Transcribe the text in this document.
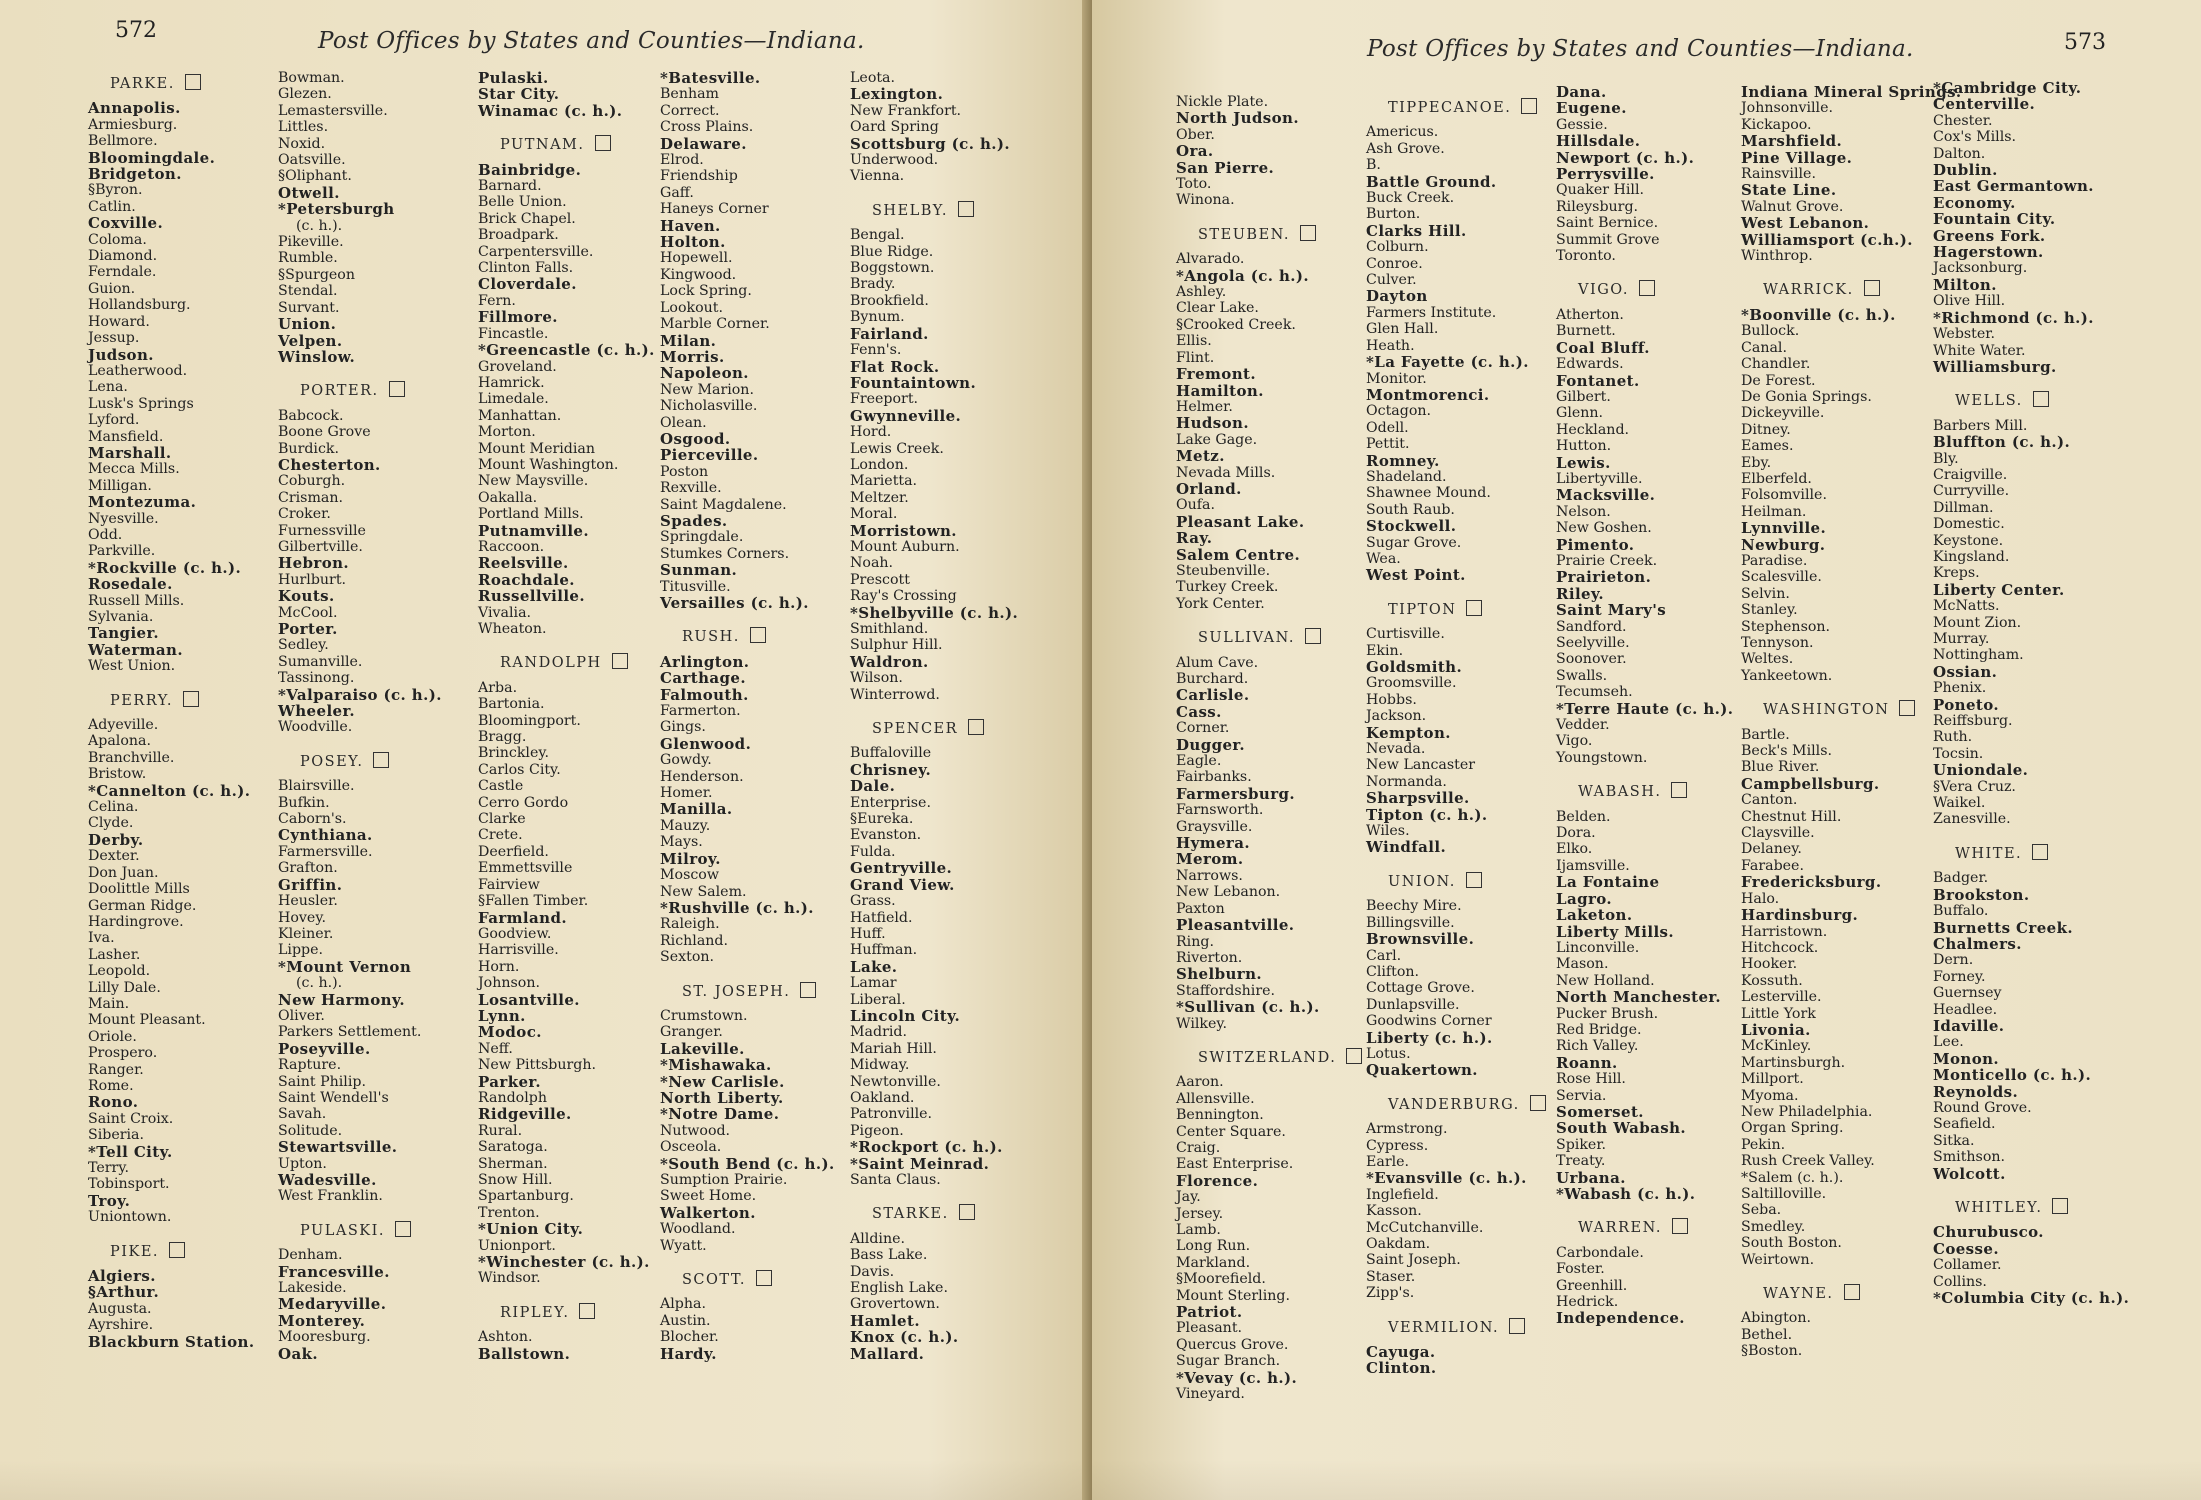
572	Post Offices by States and Counties—Indiana.
PARKE.
Annapolis.
Armiesburg.
Bellmore.
Bloomingdale.
Bridgeton.
§Byron.
Catlin.
Coxville.
Coloma.
Diamond.
Ferndale.
Guion.
Hollandsburg.
Howard.
Jessup.
Judson.
Leatherwood.
Lena.
Lusk's Springs
Lyford.
Mansfield.
Marshall.
Mecca Mills.
Milligan.
Montezuma.
Nyesville.
Odd.
Parkville.
*Rockville (c. h.).
Rosedale.
Russell Mills.
Sylvania.
Tangier.
Waterman.
West Union.
PERRY.
Adyeville.
Apalona.
Branchville.
Bristow.
*Cannelton (c. h.).
Celina.
Clyde.
Derby.
Dexter.
Don Juan.
Doolittle Mills
German Ridge.
Hardingrove.
Iva.
Lasher.
Leopold.
Lilly Dale.
Main.
Mount Pleasant.
Oriole.
Prospero.
Ranger.
Rome.
Rono.
Saint Croix.
Siberia.
*Tell City.
Terry.
Tobinsport.
Troy.
Uniontown.
PIKE.
Algiers.
§Arthur.
Augusta.
Ayrshire.
Blackburn Station.
Bowman.
Glezen.
Lemastersville.
Littles.
Noxid.
Oatsville.
§Oliphant.
Otwell.
*Petersburgh
(c. h.).
Pikeville.
Rumble.
§Spurgeon
Stendal.
Survant.
Union.
Velpen.
Winslow.
PORTER.
Babcock.
Boone Grove
Burdick.
Chesterton.
Coburgh.
Crisman.
Croker.
Furnessville
Gilbertville.
Hebron.
Hurlburt.
Kouts.
McCool.
Porter.
Sedley.
Sumanville.
Tassinong.
*Valparaiso (c. h.).
Wheeler.
Woodville.
POSEY.
Blairsville.
Bufkin.
Caborn's.
Cynthiana.
Farmersville.
Grafton.
Griffin.
Heusler.
Hovey.
Kleiner.
Lippe.
*Mount Vernon
(c. h.).
New Harmony.
Oliver.
Parkers Settlement.
Poseyville.
Rapture.
Saint Philip.
Saint Wendell's
Savah.
Solitude.
Stewartsville.
Upton.
Wadesville.
West Franklin.
PULASKI.
Denham.
Francesville.
Lakeside.
Medaryville.
Monterey.
Mooresburg.
Oak.
Pulaski.
Star City.
Winamac (c. h.).
PUTNAM.
Bainbridge.
Barnard.
Belle Union.
Brick Chapel.
Broadpark.
Carpentersville.
Clinton Falls.
Cloverdale.
Fern.
Fillmore.
Fincastle.
*Greencastle (c. h.).
Groveland.
Hamrick.
Limedale.
Manhattan.
Morton.
Mount Meridian
Mount Washington.
New Maysville.
Oakalla.
Portland Mills.
Putnamville.
Raccoon.
Reelsville.
Roachdale.
Russellville.
Vivalia.
Wheaton.
RANDOLPH
Arba.
Bartonia.
Bloomingport.
Bragg.
Brinckley.
Carlos City.
Castle
Cerro Gordo
Clarke
Crete.
Deerfield.
Emmettsville
Fairview
§Fallen Timber.
Farmland.
Goodview.
Harrisville.
Horn.
Johnson.
Losantville.
Lynn.
Modoc.
Neff.
New Pittsburgh.
Parker.
Randolph
Ridgeville.
Rural.
Saratoga.
Sherman.
Snow Hill.
Spartanburg.
Trenton.
*Union City.
Unionport.
*Winchester (c. h.).
Windsor.
RIPLEY.
Ashton.
Ballstown.
*Batesville.
Benham
Correct.
Cross Plains.
Delaware.
Elrod.
Friendship
Gaff.
Haneys Corner
Haven.
Holton.
Hopewell.
Kingwood.
Lock Spring.
Lookout.
Marble Corner.
Milan.
Morris.
Napoleon.
New Marion.
Nicholasville.
Olean.
Osgood.
Pierceville.
Poston
Rexville.
Saint Magdalene.
Spades.
Springdale.
Stumkes Corners.
Sunman.
Titusville.
Versailles (c. h.).
RUSH.
Arlington.
Carthage.
Falmouth.
Farmerton.
Gings.
Glenwood.
Gowdy.
Henderson.
Homer.
Manilla.
Mauzy.
Mays.
Milroy.
Moscow
New Salem.
*Rushville (c. h.).
Raleigh.
Richland.
Sexton.
ST. JOSEPH.
Crumstown.
Granger.
Lakeville.
*Mishawaka.
*New Carlisle.
North Liberty.
*Notre Dame.
Nutwood.
Osceola.
*South Bend (c. h.).
Sumption Prairie.
Sweet Home.
Walkerton.
Woodland.
Wyatt.
SCOTT.
Alpha.
Austin.
Blocher.
Hardy.
Leota.
Lexington.
New Frankfort.
Oard Spring
Scottsburg (c. h.).
Underwood.
Vienna.
SHELBY.
Bengal.
Blue Ridge.
Boggstown.
Brady.
Brookfield.
Bynum.
Fairland.
Fenn's.
Flat Rock.
Fountaintown.
Freeport.
Gwynneville.
Hord.
Lewis Creek.
London.
Marietta.
Meltzer.
Moral.
Morristown.
Mount Auburn.
Noah.
Prescott
Ray's Crossing
*Shelbyville (c. h.).
Smithland.
Sulphur Hill.
Waldron.
Wilson.
Winterrowd.
SPENCER
Buffaloville
Chrisney.
Dale.
Enterprise.
§Eureka.
Evanston.
Fulda.
Gentryville.
Grand View.
Grass.
Hatfield.
Huff.
Huffman.
Lake.
Lamar
Liberal.
Lincoln City.
Madrid.
Mariah Hill.
Midway.
Newtonville.
Oakland.
Patronville.
Pigeon.
*Rockport (c. h.).
*Saint Meinrad.
Santa Claus.
STARKE.
Alldine.
Bass Lake.
Davis.
English Lake.
Grovertown.
Hamlet.
Knox (c. h.).
Mallard.
Post Offices by States and Counties—Indiana.	573
Nickle Plate.
North Judson.
Ober.
Ora.
San Pierre.
Toto.
Winona.
STEUBEN.
Alvarado.
*Angola (c. h.).
Ashley.
Clear Lake.
§Crooked Creek.
Ellis.
Flint.
Fremont.
Hamilton.
Helmer.
Hudson.
Lake Gage.
Metz.
Nevada Mills.
Orland.
Oufa.
Pleasant Lake.
Ray.
Salem Centre.
Steubenville.
Turkey Creek.
York Center.
SULLIVAN.
Alum Cave.
Burchard.
Carlisle.
Cass.
Corner.
Dugger.
Eagle.
Fairbanks.
Farmersburg.
Farnsworth.
Graysville.
Hymera.
Merom.
Narrows.
New Lebanon.
Paxton
Pleasantville.
Ring.
Riverton.
Shelburn.
Staffordshire.
*Sullivan (c. h.).
Wilkey.
SWITZERLAND.
Aaron.
Allensville.
Bennington.
Center Square.
Craig.
East Enterprise.
Florence.
Jay.
Jersey.
Lamb.
Long Run.
Markland.
§Moorefield.
Mount Sterling.
Patriot.
Pleasant.
Quercus Grove.
Sugar Branch.
*Vevay (c. h.).
Vineyard.
TIPPECANOE.
Americus.
Ash Grove.
B.
Battle Ground.
Buck Creek.
Burton.
Clarks Hill.
Colburn.
Conroe.
Culver.
Dayton
Farmers Institute.
Glen Hall.
Heath.
*La Fayette (c. h.).
Monitor.
Montmorenci.
Octagon.
Odell.
Pettit.
Romney.
Shadeland.
Shawnee Mound.
South Raub.
Stockwell.
Sugar Grove.
Wea.
West Point.
TIPTON
Curtisville.
Ekin.
Goldsmith.
Groomsville.
Hobbs.
Jackson.
Kempton.
Nevada.
New Lancaster
Normanda.
Sharpsville.
Tipton (c. h.).
Wiles.
Windfall.
UNION.
Beechy Mire.
Billingsville.
Brownsville.
Carl.
Clifton.
Cottage Grove.
Dunlapsville.
Goodwins Corner
Liberty (c. h.).
Lotus.
Quakertown.
VANDERBURG.
Armstrong.
Cypress.
Earle.
*Evansville (c. h.).
Inglefield.
Kasson.
McCutchanville.
Oakdam.
Saint Joseph.
Staser.
Zipp's.
VERMILION.
Cayuga.
Clinton.
Dana.
Eugene.
Gessie.
Hillsdale.
Newport (c. h.).
Perrysville.
Quaker Hill.
Rileysburg.
Saint Bernice.
Summit Grove
Toronto.
VIGO.
Atherton.
Burnett.
Coal Bluff.
Edwards.
Fontanet.
Gilbert.
Glenn.
Heckland.
Hutton.
Lewis.
Libertyville.
Macksville.
Nelson.
New Goshen.
Pimento.
Prairie Creek.
Prairieton.
Riley.
Saint Mary's
Sandford.
Seelyville.
Soonover.
Swalls.
Tecumseh.
*Terre Haute (c. h.).
Vedder.
Vigo.
Youngstown.
WABASH.
Belden.
Dora.
Elko.
Ijamsville.
La Fontaine
Lagro.
Laketon.
Liberty Mills.
Linconville.
Mason.
New Holland.
North Manchester.
Pucker Brush.
Red Bridge.
Rich Valley.
Roann.
Rose Hill.
Servia.
Somerset.
South Wabash.
Spiker.
Treaty.
Urbana.
*Wabash (c. h.).
WARREN.
Carbondale.
Foster.
Greenhill.
Hedrick.
Independence.
Indiana Mineral Springs.
Johnsonville.
Kickapoo.
Marshfield.
Pine Village.
Rainsville.
State Line.
Walnut Grove.
West Lebanon.
Williamsport (c.h.).
Winthrop.
WARRICK.
*Boonville (c. h.).
Bullock.
Canal.
Chandler.
De Forest.
De Gonia Springs.
Dickeyville.
Ditney.
Eames.
Eby.
Elberfeld.
Folsomville.
Heilman.
Lynnville.
Newburg.
Paradise.
Scalesville.
Selvin.
Stanley.
Stephenson.
Tennyson.
Weltes.
Yankeetown.
WASHINGTON
Bartle.
Beck's Mills.
Blue River.
Campbellsburg.
Canton.
Chestnut Hill.
Claysville.
Delaney.
Farabee.
Fredericksburg.
Halo.
Hardinsburg.
Harristown.
Hitchcock.
Hooker.
Kossuth.
Lesterville.
Little York
Livonia.
McKinley.
Martinsburgh.
Millport.
Myoma.
New Philadelphia.
Organ Spring.
Pekin.
Rush Creek Valley.
*Salem (c. h.).
Saltilloville.
Seba.
Smedley.
South Boston.
Weirtown.
WAYNE.
Abington.
Bethel.
§Boston.
*Cambridge City.
Centerville.
Chester.
Cox's Mills.
Dalton.
Dublin.
East Germantown.
Economy.
Fountain City.
Greens Fork.
Hagerstown.
Jacksonburg.
Milton.
Olive Hill.
*Richmond (c. h.).
Webster.
White Water.
Williamsburg.
WELLS.
Barbers Mill.
Bluffton (c. h.).
Bly.
Craigville.
Curryville.
Dillman.
Domestic.
Keystone.
Kingsland.
Kreps.
Liberty Center.
McNatts.
Mount Zion.
Murray.
Nottingham.
Ossian.
Phenix.
Poneto.
Reiffsburg.
Ruth.
Tocsin.
Uniondale.
§Vera Cruz.
Waikel.
Zanesville.
WHITE.
Badger.
Brookston.
Buffalo.
Burnetts Creek.
Chalmers.
Dern.
Forney.
Guernsey
Headlee.
Idaville.
Lee.
Monon.
Monticello (c. h.).
Reynolds.
Round Grove.
Seafield.
Sitka.
Smithson.
Wolcott.
WHITLEY.
Churubusco.
Coesse.
Collamer.
Collins.
*Columbia City (c. h.).
